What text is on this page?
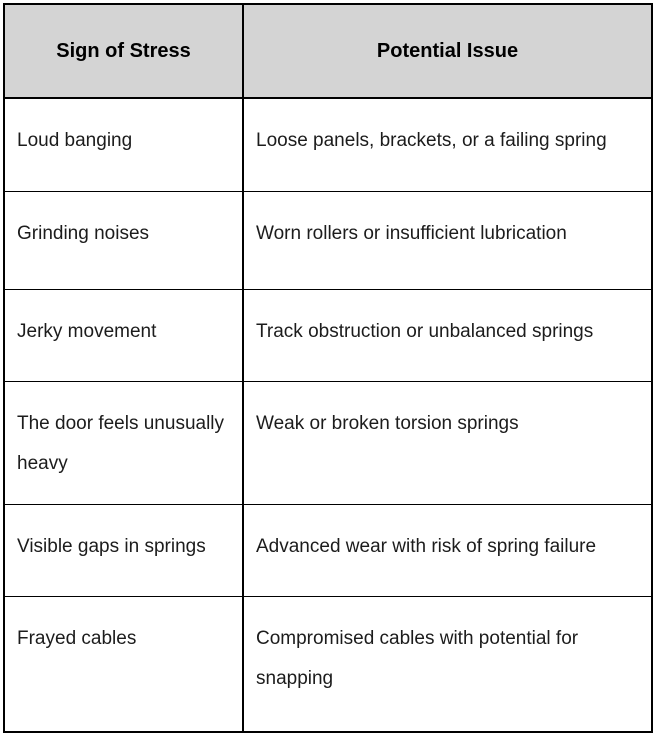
Sign of Stress	Potential Issue
Loud banging	Loose panels, brackets, or a failing spring
Grinding noises	Worn rollers or insufficient lubrication
Jerky movement	Track obstruction or unbalanced springs
The door feels unusually heavy	Weak or broken torsion springs
Visible gaps in springs	Advanced wear with risk of spring failure
Frayed cables	Compromised cables with potential for snapping
